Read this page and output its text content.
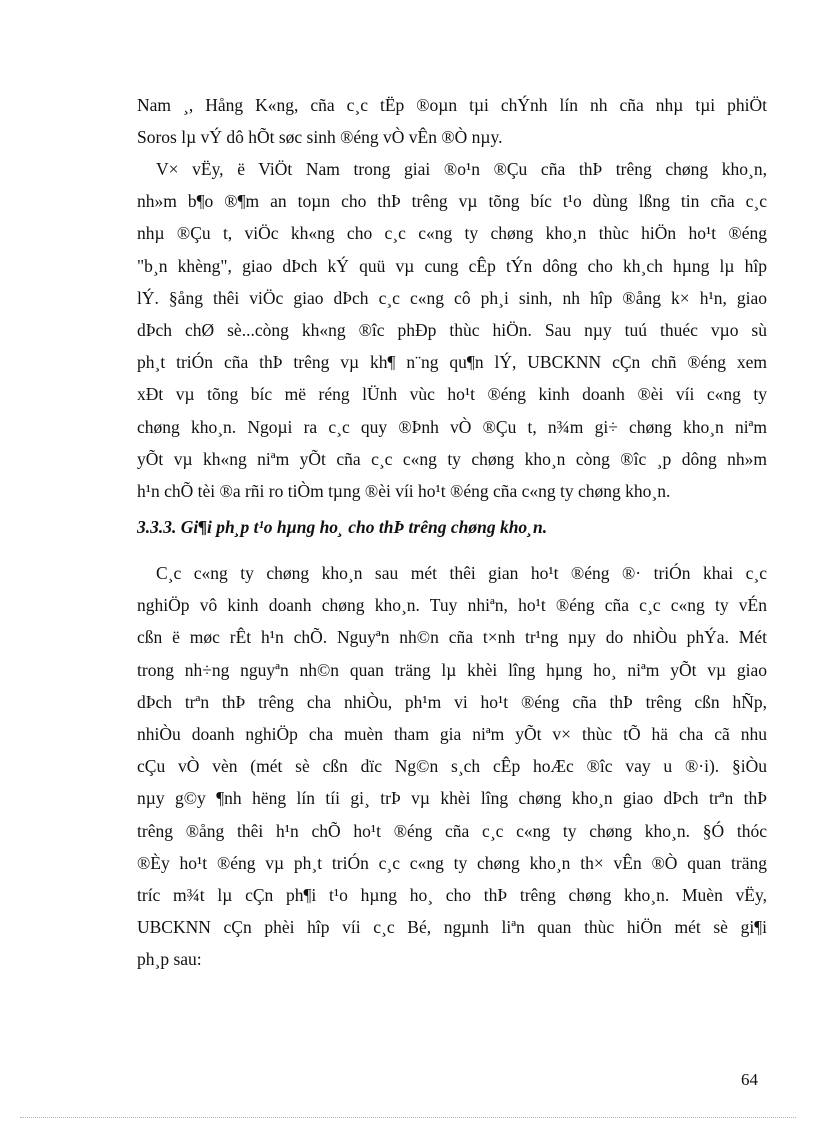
Nam ¸, Hång K«ng, cña c¸c tËp ®oµn tµi chÝnh lín nh cña nhµ tµi phiÖt
Soros lµ vÝ dô hÕt søc sinh ®éng vÒ vÊn ®Ò nµy.
V× vËy, ë ViÖt Nam trong giai ®o¹n ®Çu cña thÞ trêng chøng kho¸n,
nh»m b¶o ®¶m an toµn cho thÞ trêng vµ tõng bíc t¹o dùng lßng tin cña c¸c
nhµ ®Çu t, viÖc kh«ng cho c¸c c«ng ty chøng kho¸n thùc hiÖn ho¹t ®éng
"b¸n khèng", giao dÞch kÝ quü vµ cung cÊp tÝn dông cho kh¸ch hµng lµ hîp
lÝ. §ång thêi viÖc giao dÞch c¸c c«ng cô ph¸i sinh, nh hîp ®ång k× h¹n, giao
dÞch chØ sè...còng kh«ng ®îc phÐp thùc hiÖn. Sau nµy tuú thuéc vµo sù
ph¸t triÓn cña thÞ trêng vµ kh¶ n¨ng qu¶n lÝ, UBCKNN cÇn chñ ®éng xem
xÐt vµ tõng bíc më réng lÜnh vùc ho¹t ®éng kinh doanh ®èi víi c«ng ty
chøng kho¸n. Ngoµi ra c¸c quy ®Þnh vÒ ®Çu t, n¾m gi÷ chøng kho¸n niªm
yÕt vµ kh«ng niªm yÕt cña c¸c c«ng ty chøng kho¸n còng ®îc ¸p dông nh»m
h¹n chÕ tèi ®a rñi ro tiÒm tµng ®èi víi ho¹t ®éng cña c«ng ty chøng kho¸n.
3.3.3. Gi¶i ph¸p t¹o hµng ho¸ cho thÞ trêng chøng kho¸n.
C¸c c«ng ty chøng kho¸n sau mét thêi gian ho¹t ®éng ®· triÓn khai c¸c
nghiÖp vô kinh doanh chøng kho¸n. Tuy nhiªn, ho¹t ®éng cña c¸c c«ng ty vÉn
cßn ë møc rÊt h¹n chÕ. Nguyªn nh©n cña t×nh tr¹ng nµy do nhiÒu phÝa. Mét
trong nh÷ng nguyªn nh©n quan träng lµ khèi lîng hµng ho¸ niªm yÕt vµ giao
dÞch trªn thÞ trêng cha nhiÒu, ph¹m vi ho¹t ®éng cña thÞ trêng cßn hÑp,
nhiÒu doanh nghiÖp cha muèn tham gia niªm yÕt v× thùc tÕ hä cha cã nhu
cÇu vÒ vèn (mét sè cßn dïc Ng©n s¸ch cÊp hoÆc ®îc vay u ®·i). §iÒu
nµy g©y ¶nh hëng lín tíi gi¸ trÞ vµ khèi lîng chøng kho¸n giao dÞch trªn thÞ
trêng ®ång thêi h¹n chÕ ho¹t ®éng cña c¸c c«ng ty chøng kho¸n. §Ó thóc
®Èy ho¹t ®éng vµ ph¸t triÓn c¸c c«ng ty chøng kho¸n th× vÊn ®Ò quan träng
tríc m¾t lµ cÇn ph¶i t¹o hµng ho¸ cho thÞ trêng chøng kho¸n. Muèn vËy,
UBCKNN cÇn phèi hîp víi c¸c Bé, ngµnh liªn quan thùc hiÖn mét sè gi¶i
ph¸p sau:
64
